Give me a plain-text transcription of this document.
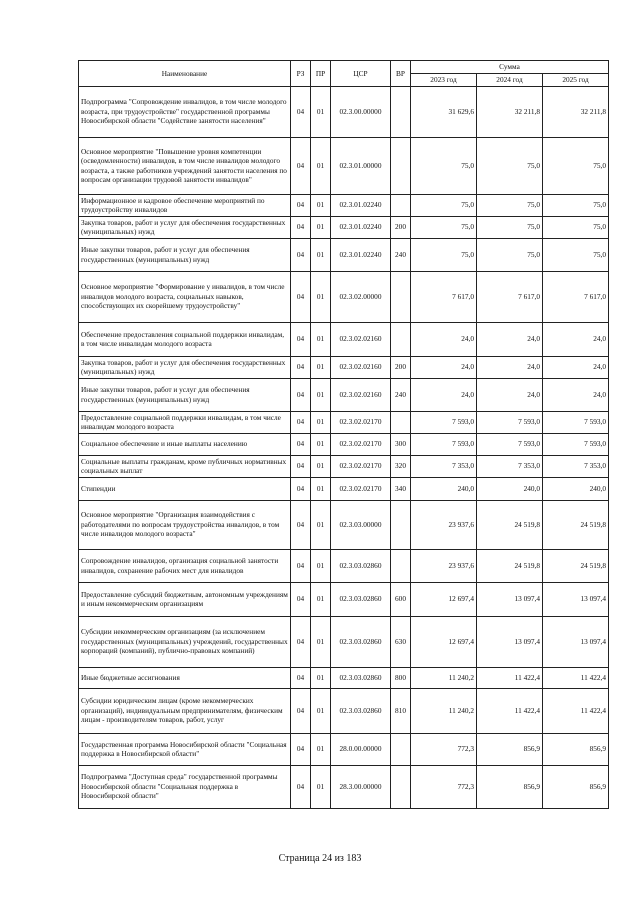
Наименование	РЗ	ПР	ЦСР	ВР	Сумма		
					2023 год	2024 год	2025 год
Подпрограмма "Сопровождение инвалидов, в том числе молодого возраста, при трудоустройстве" государственной программы Новосибирской области "Содействие занятости населения"	04	01	02.3.00.00000		31 629,6	32 211,8	32 211,8
Основное мероприятие "Повышение уровня компетенции (осведомленности) инвалидов, в том числе инвалидов молодого возраста, а также работников учреждений занятости населения по вопросам организации трудовой занятости инвалидов"	04	01	02.3.01.00000		75,0	75,0	75,0
Информационное и кадровое обеспечение мероприятий по трудоустройству инвалидов	04	01	02.3.01.02240		75,0	75,0	75,0
Закупка товаров, работ и услуг для обеспечения государственных (муниципальных) нужд	04	01	02.3.01.02240	200	75,0	75,0	75,0
Иные закупки товаров, работ и услуг для обеспечения государственных (муниципальных) нужд	04	01	02.3.01.02240	240	75,0	75,0	75,0
Основное мероприятие "Формирование у инвалидов, в том числе инвалидов молодого возраста, социальных навыков, способствующих их скорейшему трудоустройству"	04	01	02.3.02.00000		7 617,0	7 617,0	7 617,0
Обеспечение предоставления социальной поддержки инвалидам, в том числе инвалидам молодого возраста	04	01	02.3.02.02160		24,0	24,0	24,0
Закупка товаров, работ и услуг для обеспечения государственных (муниципальных) нужд	04	01	02.3.02.02160	200	24,0	24,0	24,0
Иные закупки товаров, работ и услуг для обеспечения государственных (муниципальных) нужд	04	01	02.3.02.02160	240	24,0	24,0	24,0
Предоставление социальной поддержки инвалидам, в том числе инвалидам молодого возраста	04	01	02.3.02.02170		7 593,0	7 593,0	7 593,0
Социальное обеспечение и иные выплаты населению	04	01	02.3.02.02170	300	7 593,0	7 593,0	7 593,0
Социальные выплаты гражданам, кроме публичных нормативных социальных выплат	04	01	02.3.02.02170	320	7 353,0	7 353,0	7 353,0
Стипендии	04	01	02.3.02.02170	340	240,0	240,0	240,0
Основное мероприятие "Организация взаимодействия с работодателями по вопросам трудоустройства инвалидов, в том числе инвалидов молодого возраста"	04	01	02.3.03.00000		23 937,6	24 519,8	24 519,8
Сопровождение инвалидов, организация социальной занятости инвалидов, сохранение рабочих мест для инвалидов	04	01	02.3.03.02860		23 937,6	24 519,8	24 519,8
Предоставление субсидий бюджетным, автономным учреждениям и иным некоммерческим организациям	04	01	02.3.03.02860	600	12 697,4	13 097,4	13 097,4
Субсидии некоммерческим организациям (за исключением государственных (муниципальных) учреждений, государственных корпораций (компаний), публично-правовых компаний)	04	01	02.3.03.02860	630	12 697,4	13 097,4	13 097,4
Иные бюджетные ассигнования	04	01	02.3.03.02860	800	11 240,2	11 422,4	11 422,4
Субсидии юридическим лицам (кроме некоммерческих организаций), индивидуальным предпринимателям, физическим лицам - производителям товаров, работ, услуг	04	01	02.3.03.02860	810	11 240,2	11 422,4	11 422,4
Государственная программа Новосибирской области "Социальная поддержка в Новосибирской области"	04	01	28.0.00.00000		772,3	856,9	856,9
Подпрограмма "Доступная среда" государственной программы Новосибирской области "Социальная поддержка в Новосибирской области"	04	01	28.3.00.00000		772,3	856,9	856,9
Страница 24 из 183
